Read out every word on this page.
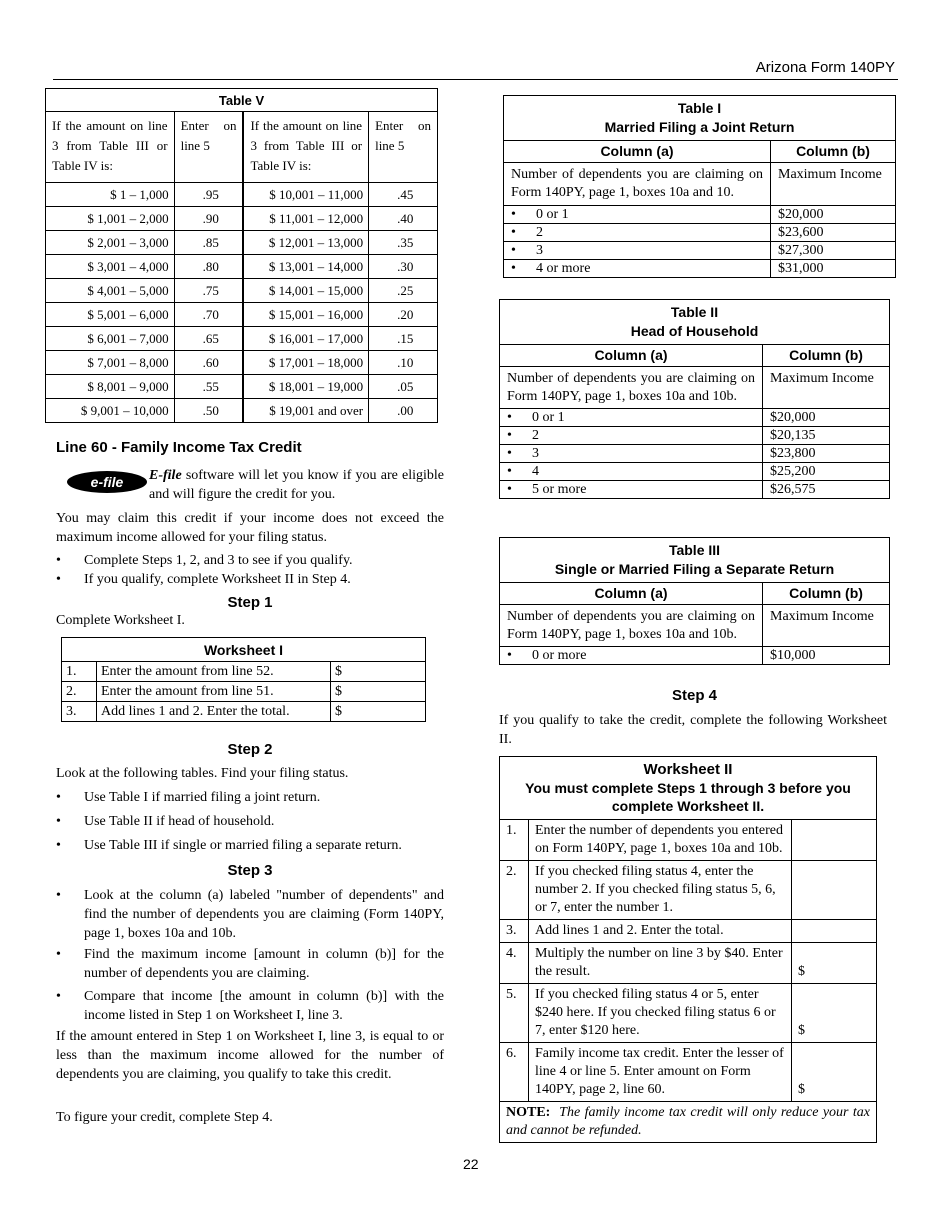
Arizona Form 140PY
Table V			
If the amount on line 3 from Table III or Table IV is:	Enter on line 5	If the amount on line 3 from Table III or Table IV is:	Enter on line 5
$ 1 – 1,000	.95	$ 10,001 – 11,000	.45
$ 1,001 – 2,000	.90	$ 11,001 – 12,000	.40
$ 2,001 – 3,000	.85	$ 12,001 – 13,000	.35
$ 3,001 – 4,000	.80	$ 13,001 – 14,000	.30
$ 4,001 – 5,000	.75	$ 14,001 – 15,000	.25
$ 5,001 – 6,000	.70	$ 15,001 – 16,000	.20
$ 6,001 – 7,000	.65	$ 16,001 – 17,000	.15
$ 7,001 – 8,000	.60	$ 17,001 – 18,000	.10
$ 8,001 – 9,000	.55	$ 18,001 – 19,000	.05
$ 9,001 – 10,000	.50	$ 19,001 and over	.00
Line 60 - Family Income Tax Credit
e-file	E-file software will let you know if you are eligible and will figure the credit for you.
You may claim this credit if your income does not exceed the maximum income allowed for your filing status.
• Complete Steps 1, 2, and 3 to see if you qualify.
• If you qualify, complete Worksheet II in Step 4.
Step 1
Complete Worksheet I.
Worksheet I		
1.	Enter the amount from line 52.	$
2.	Enter the amount from line 51.	$
3.	Add lines 1 and 2. Enter the total.	$
Step 2
Look at the following tables. Find your filing status.
• Use Table I if married filing a joint return.
• Use Table II if head of household.
• Use Table III if single or married filing a separate return.
Step 3
• Look at the column (a) labeled "number of dependents" and find the number of dependents you are claiming (Form 140PY, page 1, boxes 10a and 10b.
• Find the maximum income [amount in column (b)] for the number of dependents you are claiming.
• Compare that income [the amount in column (b)] with the income listed in Step 1 on Worksheet I, line 3.
If the amount entered in Step 1 on Worksheet I, line 3, is equal to or less than the maximum income allowed for the number of dependents you are claiming, you qualify to take this credit.
To figure your credit, complete Step 4.
Table I
Married Filing a Joint Return	

Column (a)	Column (b)
Number of dependents you are claiming on Form 140PY, page 1, boxes 10a and 10.	Maximum Income
• 0 or 1	$20,000
• 2	$23,600
• 3	$27,300
• 4 or more	$31,000
Table II
Head of Household	

Column (a)	Column (b)
Number of dependents you are claiming on Form 140PY, page 1, boxes 10a and 10b.	Maximum Income
• 0 or 1	$20,000
• 2	$20,135
• 3	$23,800
• 4	$25,200
• 5 or more	$26,575
Table III
Single or Married Filing a Separate Return	

Column (a)	Column (b)
Number of dependents you are claiming on Form 140PY, page 1, boxes 10a and 10b.	Maximum Income
• 0 or more	$10,000
Step 4
If you qualify to take the credit, complete the following Worksheet II.
Worksheet II
You must complete Steps 1 through 3 before you complete Worksheet II.		

1.	Enter the number of dependents you entered on Form 140PY, page 1, boxes 10a and 10b.	
2.	If you checked filing status 4, enter the number 2. If you checked filing status 5, 6, or 7, enter the number 1.	
3.	Add lines 1 and 2. Enter the total.	
4.	Multiply the number on line 3 by $40. Enter the result.	$
5.	If you checked filing status 4 or 5, enter $240 here. If you checked filing status 6 or 7, enter $120 here.	$
6.	Family income tax credit. Enter the lesser of line 4 or line 5. Enter amount on Form 140PY, page 2, line 60.	$
NOTE: The family income tax credit will only reduce your tax and cannot be refunded.		
22
